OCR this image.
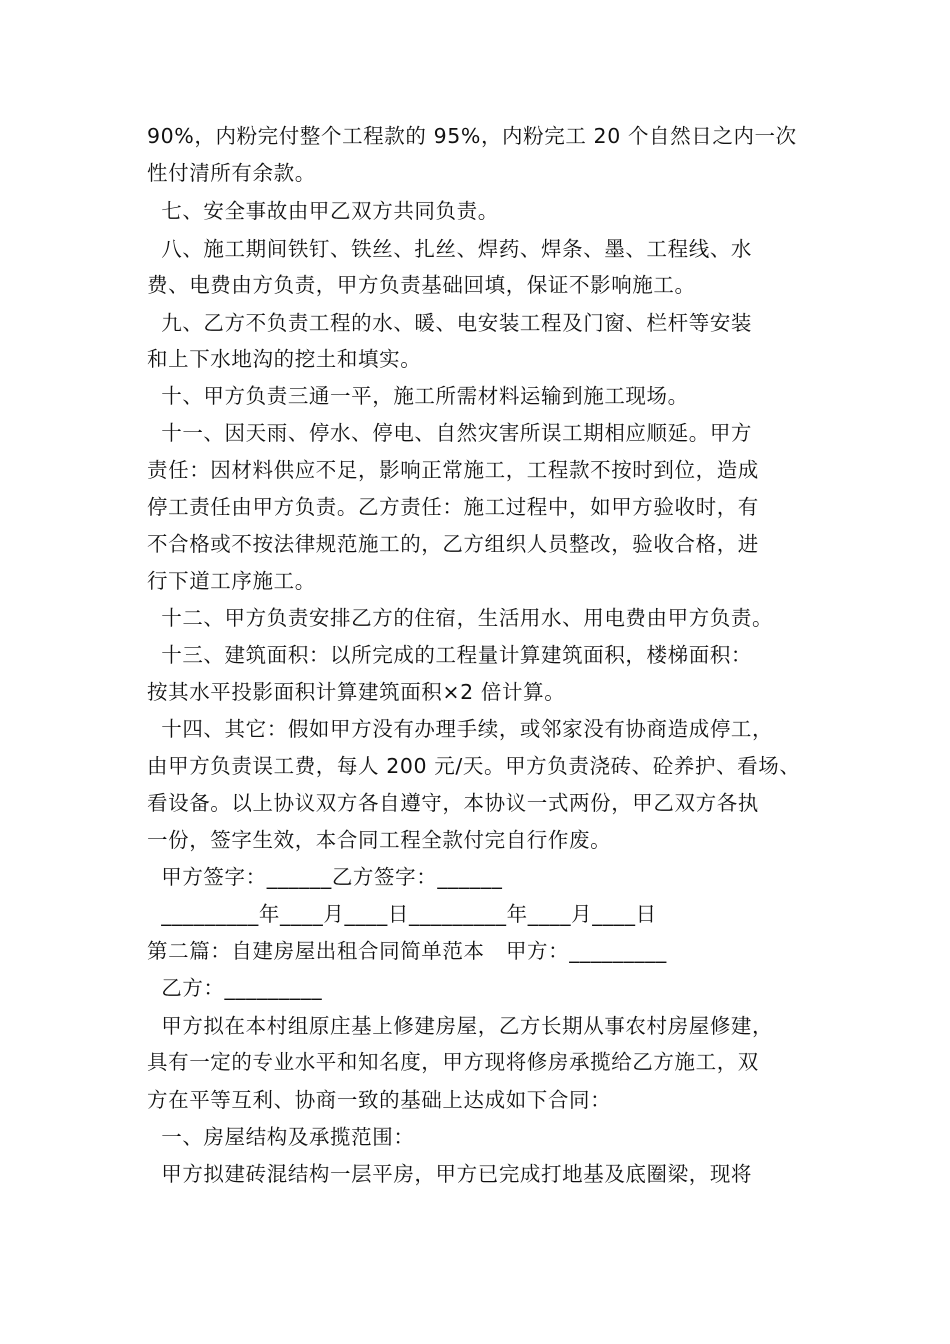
90%，内粉完付整个工程款的 95%，内粉完工 20 个自然日之内一次
性付清所有余款。
七、安全事故由甲乙双方共同负责。
八、施工期间铁钉、铁丝、扎丝、焊药、焊条、墨、工程线、水
费、电费由方负责，甲方负责基础回填，保证不影响施工。
九、乙方不负责工程的水、暖、电安装工程及门窗、栏杆等安装
和上下水地沟的挖土和填实。
十、甲方负责三通一平，施工所需材料运输到施工现场。
十一、因天雨、停水、停电、自然灾害所误工期相应顺延。甲方
责任：因材料供应不足，影响正常施工，工程款不按时到位，造成
停工责任由甲方负责。乙方责任：施工过程中，如甲方验收时，有
不合格或不按法律规范施工的，乙方组织人员整改，验收合格，进
行下道工序施工。
十二、甲方负责安排乙方的住宿，生活用水、用电费由甲方负责。
十三、建筑面积：以所完成的工程量计算建筑面积，楼梯面积：
按其水平投影面积计算建筑面积×2 倍计算。
十四、其它：假如甲方没有办理手续，或邻家没有协商造成停工，
由甲方负责误工费，每人 200 元/天。甲方负责浇砖、砼养护、看场、
看设备。以上协议双方各自遵守，本协议一式两份，甲乙双方各执
一份，签字生效，本合同工程全款付完自行作废。
甲方签字：______乙方签字：______
_________年____月____日_________年____月____日
第二篇：自建房屋出租合同简单范本   甲方：_________
乙方：_________
甲方拟在本村组原庄基上修建房屋，乙方长期从事农村房屋修建，
具有一定的专业水平和知名度，甲方现将修房承揽给乙方施工，双
方在平等互利、协商一致的基础上达成如下合同：
一、房屋结构及承揽范围：
甲方拟建砖混结构一层平房，甲方已完成打地基及底圈梁，现将
